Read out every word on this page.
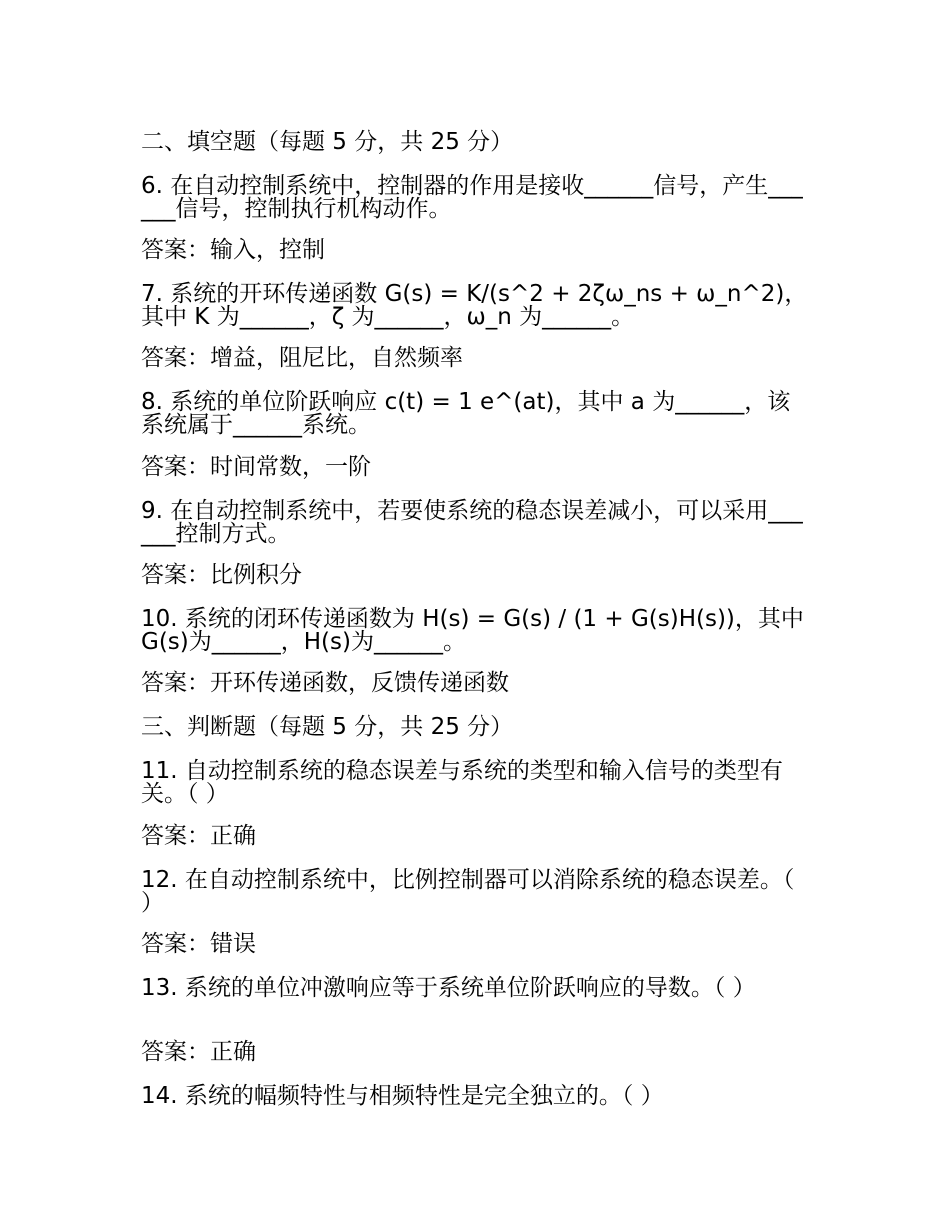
二、填空题（每题 5 分，共 25 分）

6. 在自动控制系统中，控制器的作用是接收______信号，产生______信号，控制执行机构动作。

答案：输入，控制

7. 系统的开环传递函数 G(s) = K/(s^2 + 2ζω_ns + ω_n^2)，其中 K 为______，ζ 为______，ω_n 为______。

答案：增益，阻尼比，自然频率

8. 系统的单位阶跃响应 c(t) = 1 e^(at)，其中 a 为______，该系统属于______系统。

答案：时间常数，一阶

9. 在自动控制系统中，若要使系统的稳态误差减小，可以采用______控制方式。

答案：比例积分

10. 系统的闭环传递函数为 H(s) = G(s) / (1 + G(s)H(s))，其中 G(s)为______，H(s)为______。

答案：开环传递函数，反馈传递函数

三、判断题（每题 5 分，共 25 分）

11. 自动控制系统的稳态误差与系统的类型和输入信号的类型有关。（ ）

答案：正确

12. 在自动控制系统中，比例控制器可以消除系统的稳态误差。（ ）

答案：错误

13. 系统的单位冲激响应等于系统单位阶跃响应的导数。（ ）

答案：正确

14. 系统的幅频特性与相频特性是完全独立的。（ ）
